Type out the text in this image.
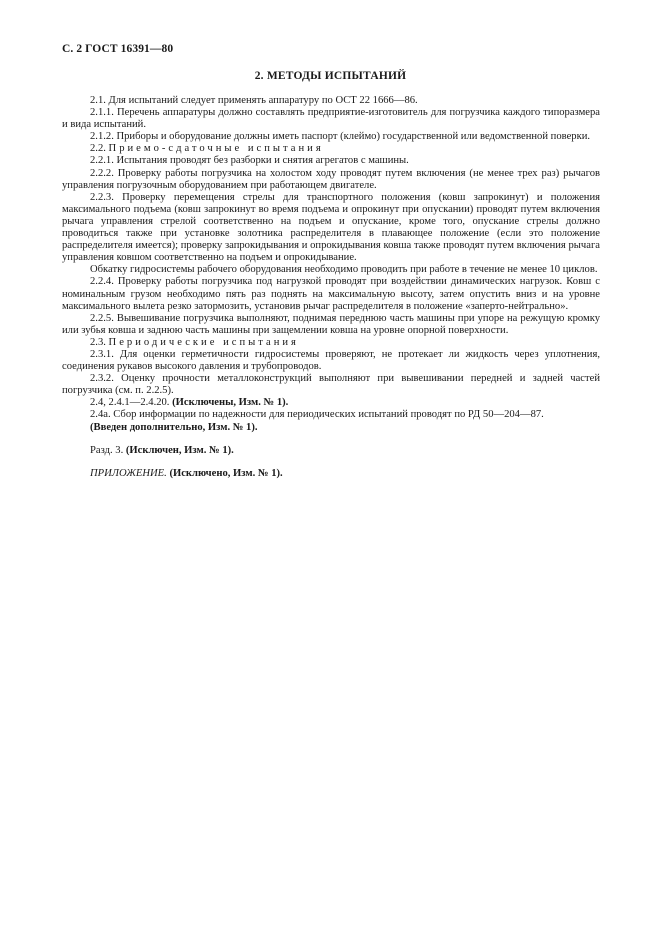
С. 2 ГОСТ 16391—80
2. МЕТОДЫ ИСПЫТАНИЙ

2.1. Для испытаний следует применять аппаратуру по ОСТ 22 1666—86.

2.1.1. Перечень аппаратуры должно составлять предприятие-изготовитель для погрузчика каждого типоразмера и вида испытаний.

2.1.2. Приборы и оборудование должны иметь паспорт (клеймо) государственной или ведомственной поверки.

2.2. Приемо-сдаточные испытания

2.2.1. Испытания проводят без разборки и снятия агрегатов с машины.

2.2.2. Проверку работы погрузчика на холостом ходу проводят путем включения (не менее трех раз) рычагов управления погрузочным оборудованием при работающем двигателе.

2.2.3. Проверку перемещения стрелы для транспортного положения (ковш запрокинут) и положения максимального подъема (ковш запрокинут во время подъема и опрокинут при опускании) проводят путем включения рычага управления стрелой соответственно на подъем и опускание, кроме того, опускание стрелы должно проводиться также при установке золотника распределителя в плавающее положение (если это положение распределителя имеется); проверку запрокидывания и опрокидывания ковша также проводят путем включения рычага управления ковшом соответственно на подъем и опрокидывание.

Обкатку гидросистемы рабочего оборудования необходимо проводить при работе в течение не менее 10 циклов.

2.2.4. Проверку работы погрузчика под нагрузкой проводят при воздействии динамических нагрузок. Ковш с номинальным грузом необходимо пять раз поднять на максимальную высоту, затем опустить вниз и на уровне максимального вылета резко затормозить, установив рычаг распределителя в положение «заперто-нейтрально».

2.2.5. Вывешивание погрузчика выполняют, поднимая переднюю часть машины при упоре на режущую кромку или зубья ковша и заднюю часть машины при защемлении ковша на уровне опорной поверхности.

2.3. Периодические испытания

2.3.1. Для оценки герметичности гидросистемы проверяют, не протекает ли жидкость через уплотнения, соединения рукавов высокого давления и трубопроводов.

2.3.2. Оценку прочности металлоконструкций выполняют при вывешивании передней и задней частей погрузчика (см. п. 2.2.5).

2.4, 2.4.1—2.4.20. (Исключены, Изм. № 1).

2.4а. Сбор информации по надежности для периодических испытаний проводят по РД 50—204—87.

(Введен дополнительно, Изм. № 1).

Разд. 3. (Исключен, Изм. № 1).

ПРИЛОЖЕНИЕ. (Исключено, Изм. № 1).
